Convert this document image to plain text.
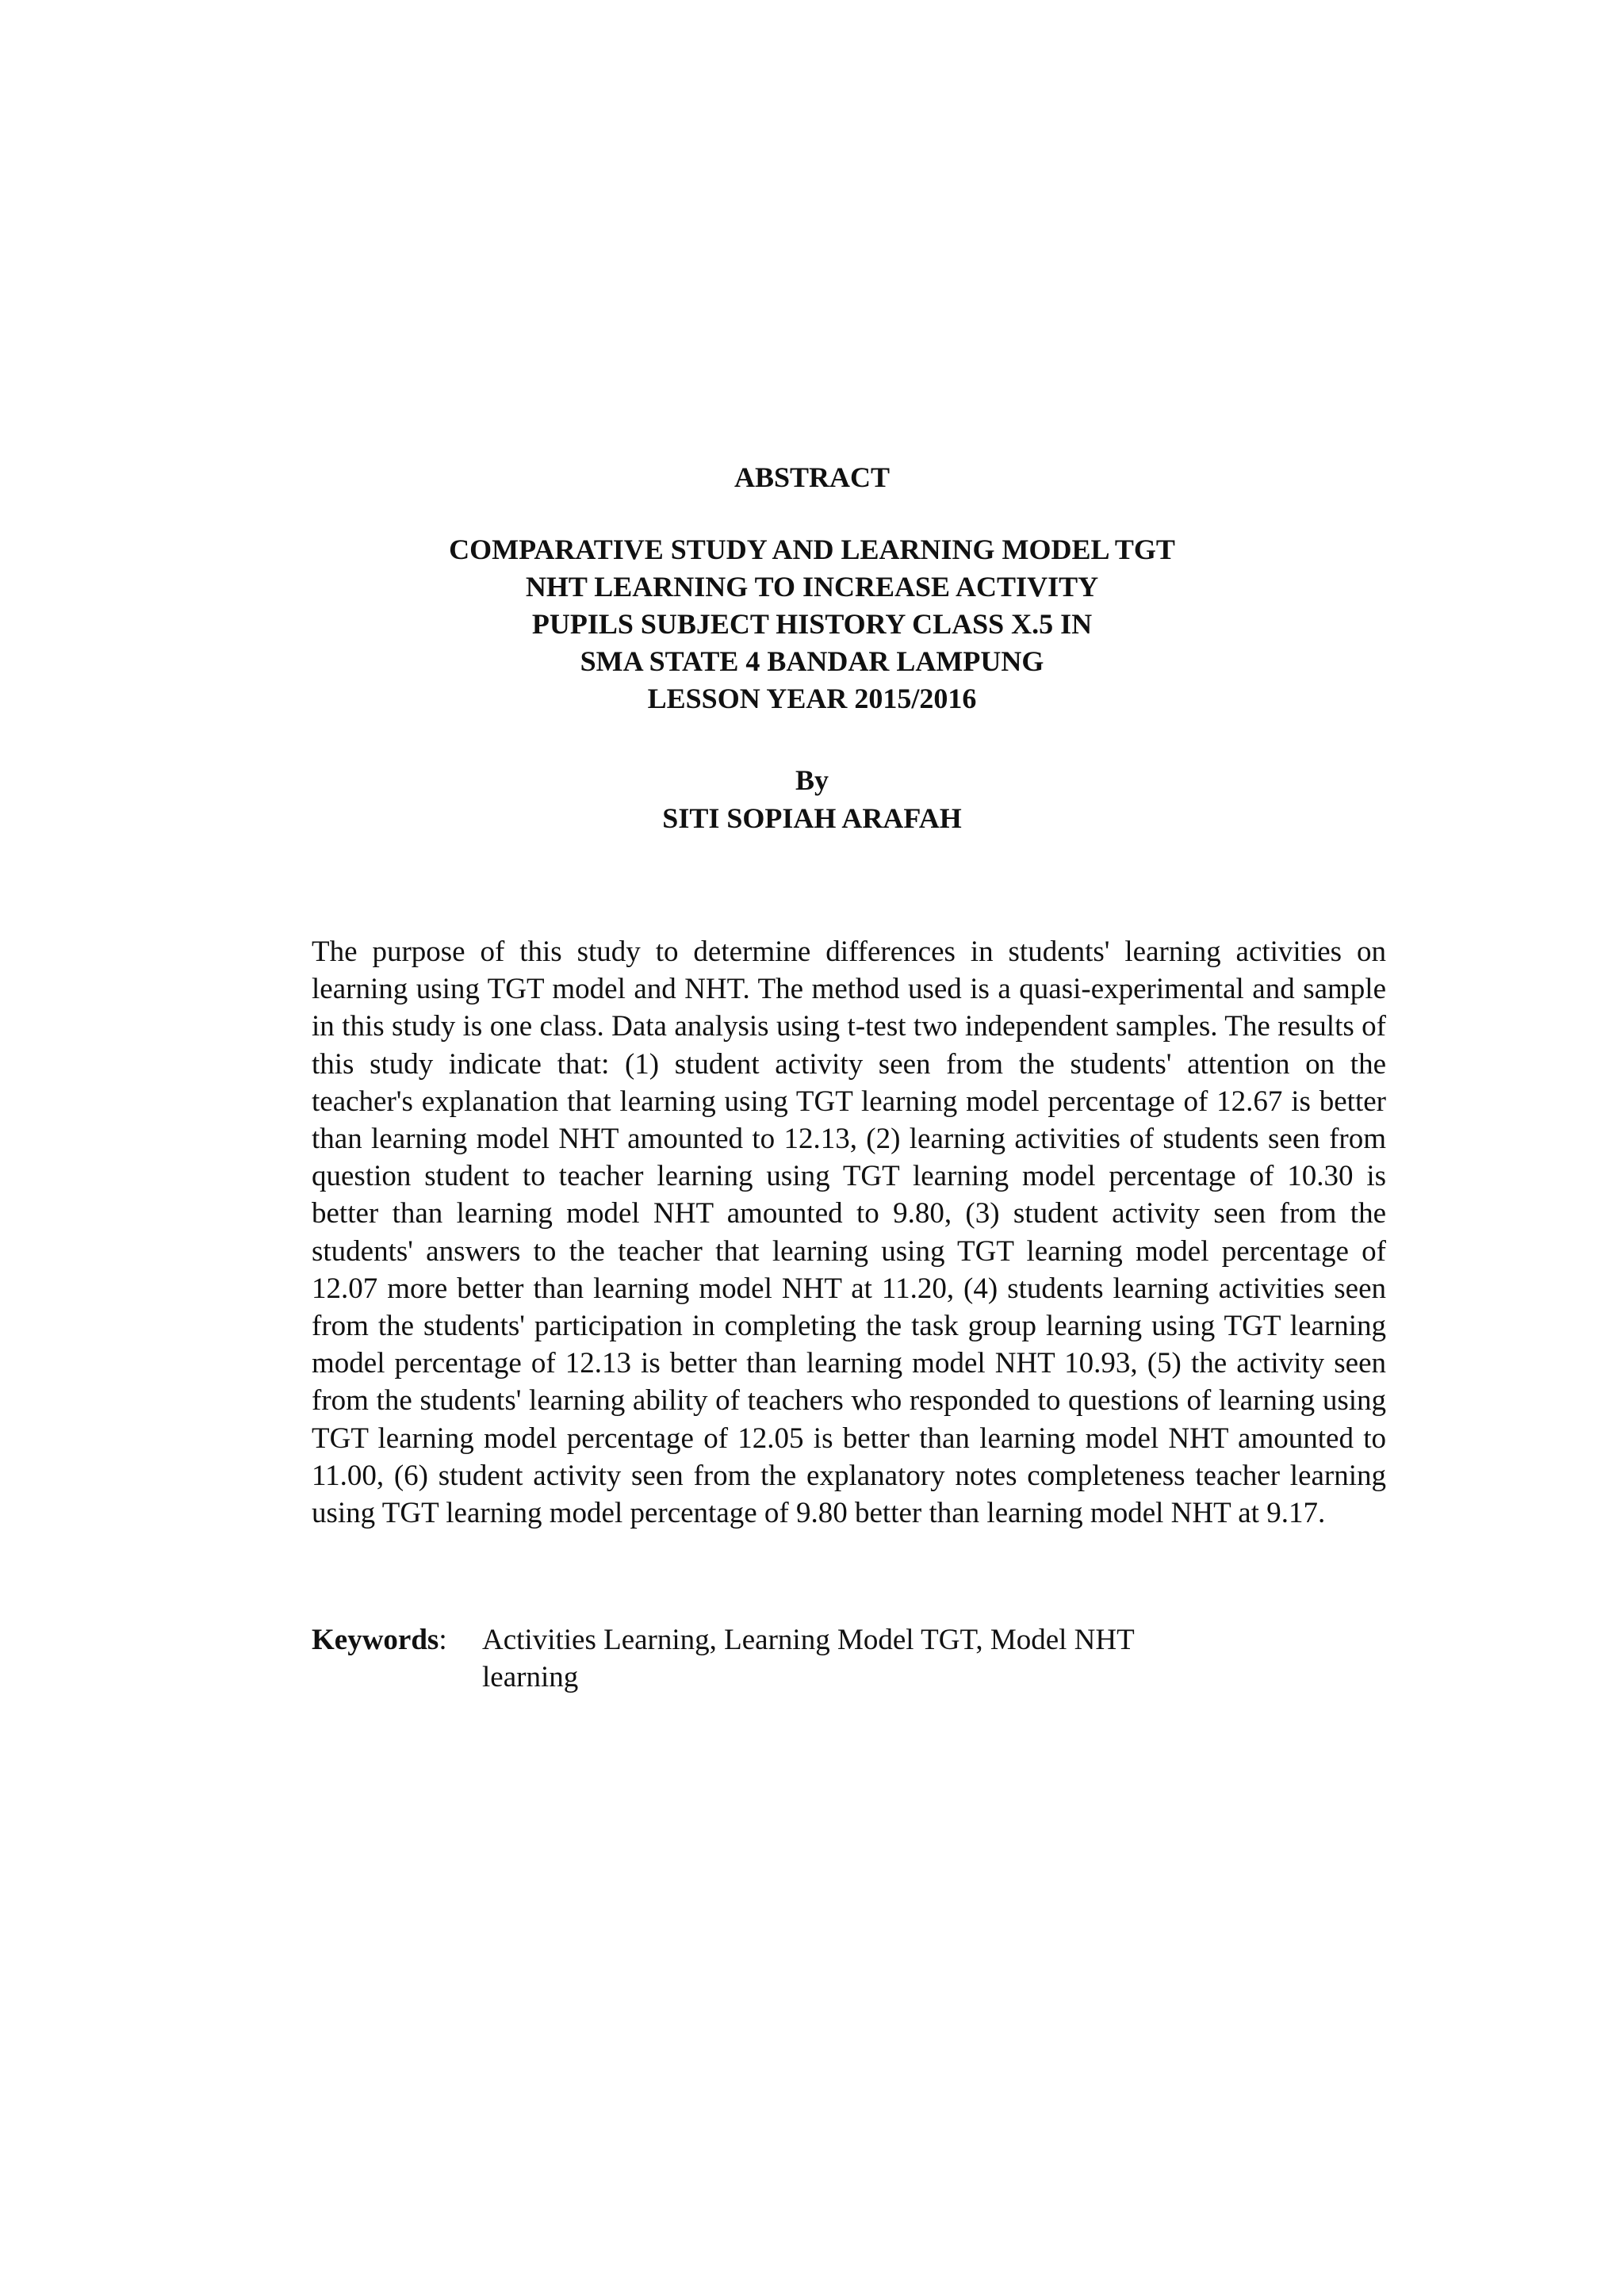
ABSTRACT
COMPARATIVE STUDY AND LEARNING MODEL TGT
NHT LEARNING TO INCREASE ACTIVITY
PUPILS SUBJECT HISTORY CLASS X.5 IN
SMA STATE 4 BANDAR LAMPUNG
LESSON YEAR 2015/2016
By
SITI SOPIAH ARAFAH

The purpose of this study to determine differences in students' learning activities on learning using TGT model and NHT. The method used is a quasi-experimental and sample in this study is one class. Data analysis using t-test two independent samples. The results of this study indicate that: (1) student activity seen from the students' attention on the teacher's explanation that learning using TGT learning model percentage of 12.67 is better than learning model NHT amounted to 12.13, (2) learning activities of students seen from question student to teacher learning using TGT learning model percentage of 10.30 is better than learning model NHT amounted to 9.80, (3) student activity seen from the students' answers to the teacher that learning using TGT learning model percentage of 12.07 more better than learning model NHT at 11.20, (4) students learning activities seen from the students' participation in completing the task group learning using TGT learning model percentage of 12.13 is better than learning model NHT 10.93, (5) the activity seen from the students' learning ability of teachers who responded to questions of learning using TGT learning model percentage of 12.05 is better than learning model NHT amounted to 11.00, (6) student activity seen from the explanatory notes completeness teacher learning using TGT learning model percentage of 9.80 better than learning model NHT at 9.17.

Keywords:	Activities Learning, Learning Model TGT, Model NHT learning
